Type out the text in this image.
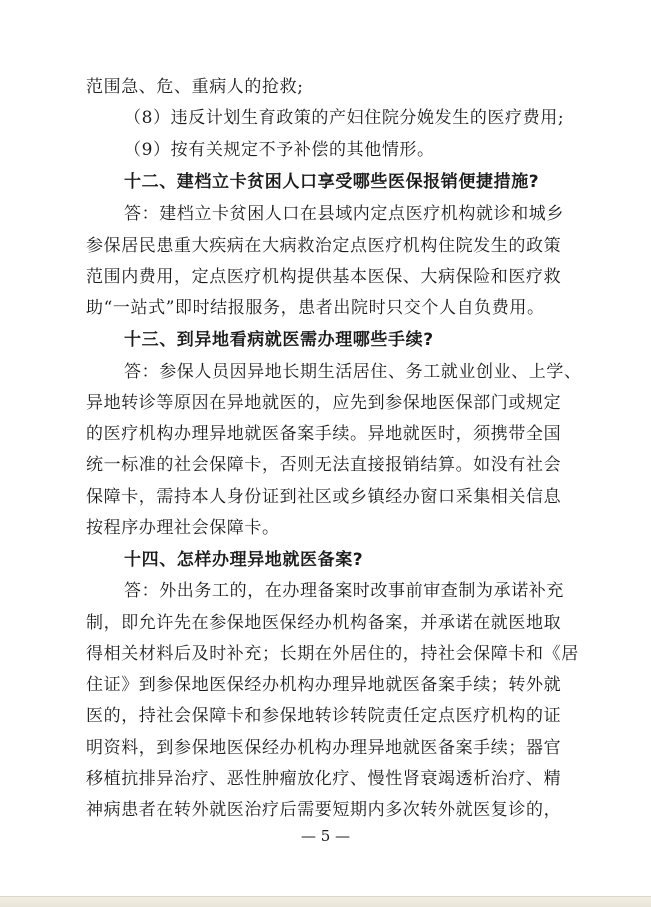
范围急、危、重病人的抢救;
（8）违反计划生育政策的产妇住院分娩发生的医疗费用;
（9）按有关规定不予补偿的其他情形。
十二、建档立卡贫困人口享受哪些医保报销便捷措施?
答：建档立卡贫困人口在县域内定点医疗机构就诊和城乡
参保居民患重大疾病在大病救治定点医疗机构住院发生的政策
范围内费用，定点医疗机构提供基本医保、大病保险和医疗救
助“一站式”即时结报服务，患者出院时只交个人自负费用。
十三、到异地看病就医需办理哪些手续?
答：参保人员因异地长期生活居住、务工就业创业、上学、
异地转诊等原因在异地就医的，应先到参保地医保部门或规定
的医疗机构办理异地就医备案手续。异地就医时，须携带全国
统一标准的社会保障卡，否则无法直接报销结算。如没有社会
保障卡，需持本人身份证到社区或乡镇经办窗口采集相关信息
按程序办理社会保障卡。
十四、怎样办理异地就医备案?
答：外出务工的，在办理备案时改事前审查制为承诺补充
制，即允许先在参保地医保经办机构备案，并承诺在就医地取
得相关材料后及时补充；长期在外居住的，持社会保障卡和《居
住证》到参保地医保经办机构办理异地就医备案手续；转外就
医的，持社会保障卡和参保地转诊转院责任定点医疗机构的证
明资料，到参保地医保经办机构办理异地就医备案手续；器官
移植抗排异治疗、恶性肿瘤放化疗、慢性肾衰竭透析治疗、精
神病患者在转外就医治疗后需要短期内多次转外就医复诊的，
— 5 —
